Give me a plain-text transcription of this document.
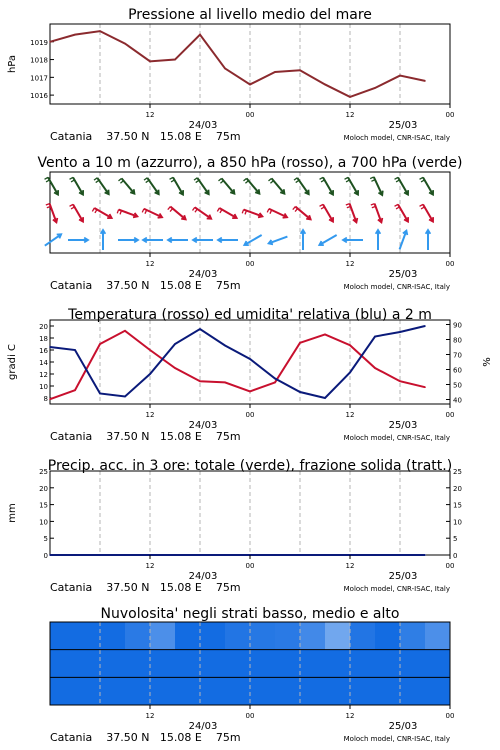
Pressione al livello medio del mare
1016
1017
1018
1019
hPa
12	00	12	00
24/03	25/03
Catania    37.50 N   15.08 E    75m	Moloch model, CNR-ISAC, Italy
Vento a 10 m (azzurro), a 850 hPa (rosso), a 700 hPa (verde)
12	00	12	00
24/03	25/03
Catania    37.50 N   15.08 E    75m	Moloch model, CNR-ISAC, Italy
Temperatura (rosso) ed umidita' relativa (blu) a 2 m
8
10
12
14
16
18
20
40
50
60
70
80
90
gradi C	%
12	00	12	00
24/03	25/03
Catania    37.50 N   15.08 E    75m	Moloch model, CNR-ISAC, Italy
Precip. acc. in 3 ore: totale (verde), frazione solida (tratt.)
0
5
10
15
20
25
0
5
10
15
20
25
mm
12	00	12	00
24/03	25/03
Catania    37.50 N   15.08 E    75m	Moloch model, CNR-ISAC, Italy
Nuvolosita' negli strati basso, medio e alto
12	00	12	00
24/03	25/03
Catania    37.50 N   15.08 E    75m	Moloch model, CNR-ISAC, Italy
